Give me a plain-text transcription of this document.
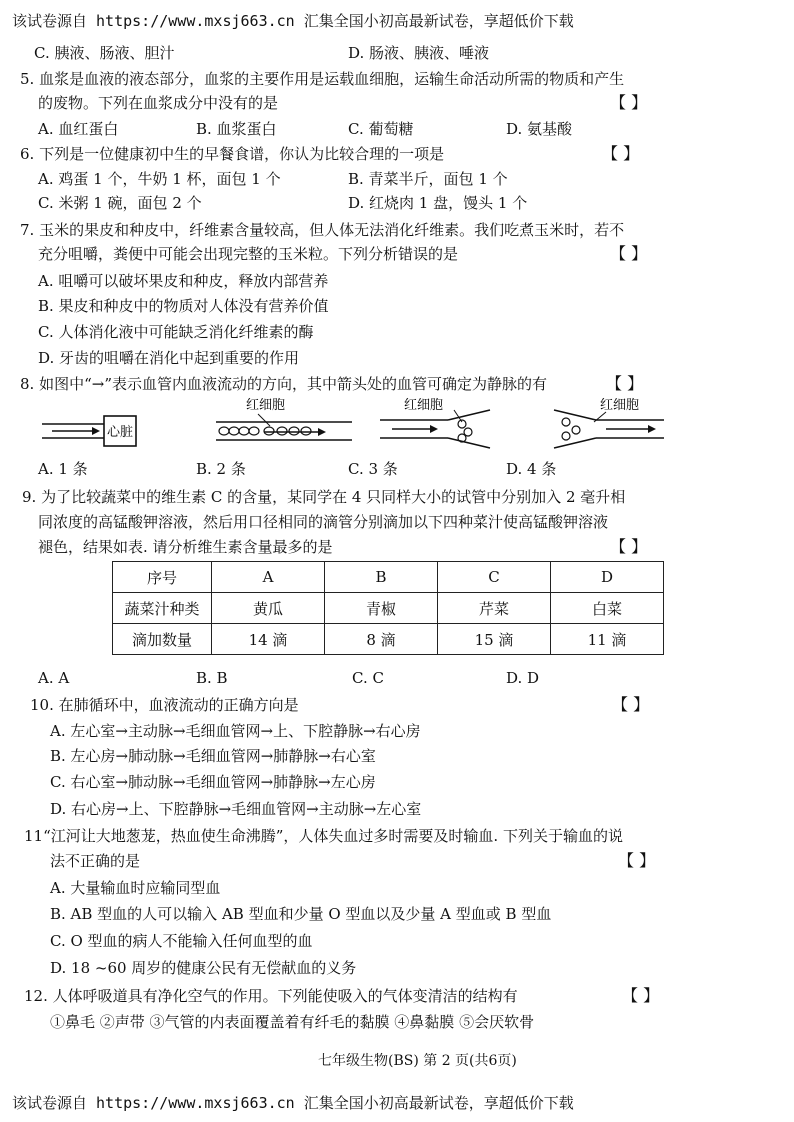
该试卷源自 https://www.mxsj663.cn 汇集全国小初高最新试卷，享超低价下载
该试卷源自 https://www.mxsj663.cn 汇集全国小初高最新试卷，享超低价下载
七年级生物(BS) 第 2 页(共6页)
C. 胰液、肠液、胆汁	D. 肠液、胰液、唾液
5. 血浆是血液的液态部分，血浆的主要作用是运载血细胞，运输生命活动所需的物质和产生
的废物。下列在血浆成分中没有的是	【 】
A. 血红蛋白	B. 血浆蛋白	C. 葡萄糖	D. 氨基酸
6. 下列是一位健康初中生的早餐食谱，你认为比较合理的一项是	【 】
A. 鸡蛋 1 个，牛奶 1 杯，面包 1 个	B. 青菜半斤，面包 1 个
C. 米粥 1 碗，面包 2 个	D. 红烧肉 1 盘，馒头 1 个
7. 玉米的果皮和种皮中，纤维素含量较高，但人体无法消化纤维素。我们吃煮玉米时，若不
充分咀嚼，粪便中可能会出现完整的玉米粒。下列分析错误的是	【 】
A. 咀嚼可以破坏果皮和种皮，释放内部营养
B. 果皮和种皮中的物质对人体没有营养价值
C. 人体消化液中可能缺乏消化纤维素的酶
D. 牙齿的咀嚼在消化中起到重要的作用
8. 如图中“→”表示血管内血液流动的方向，其中箭头处的血管可确定为静脉的有	【 】
心脏
红细胞	红细胞	红细胞
A. 1 条	B. 2 条	C. 3 条	D. 4 条
9. 为了比较蔬菜中的维生素 C 的含量，某同学在 4 只同样大小的试管中分别加入 2 毫升相
同浓度的高锰酸钾溶液，然后用口径相同的滴管分别滴加以下四种菜汁使高锰酸钾溶液
褪色，结果如表. 请分析维生素含量最多的是	【 】
序号	A	B	C	D
蔬菜汁种类	黄瓜	青椒	芹菜	白菜
滴加数量	14 滴	8 滴	15 滴	11 滴
A. A	B. B	C. C	D. D
10. 在肺循环中，血液流动的正确方向是	【 】
A. 左心室→主动脉→毛细血管网→上、下腔静脉→右心房
B. 左心房→肺动脉→毛细血管网→肺静脉→右心室
C. 右心室→肺动脉→毛细血管网→肺静脉→左心房
D. 右心房→上、下腔静脉→毛细血管网→主动脉→左心室
11“江河让大地葱茏，热血使生命沸腾”，人体失血过多时需要及时输血. 下列关于输血的说
法不正确的是	【 】
A. 大量输血时应输同型血
B. AB 型血的人可以输入 AB 型血和少量 O 型血以及少量 A 型血或 B 型血
C. O 型血的病人不能输入任何血型的血
D. 18 ~60 周岁的健康公民有无偿献血的义务
12. 人体呼吸道具有净化空气的作用。下列能使吸入的气体变清洁的结构有	【 】
①鼻毛 ②声带 ③气管的内表面覆盖着有纤毛的黏膜 ④鼻黏膜 ⑤会厌软骨
